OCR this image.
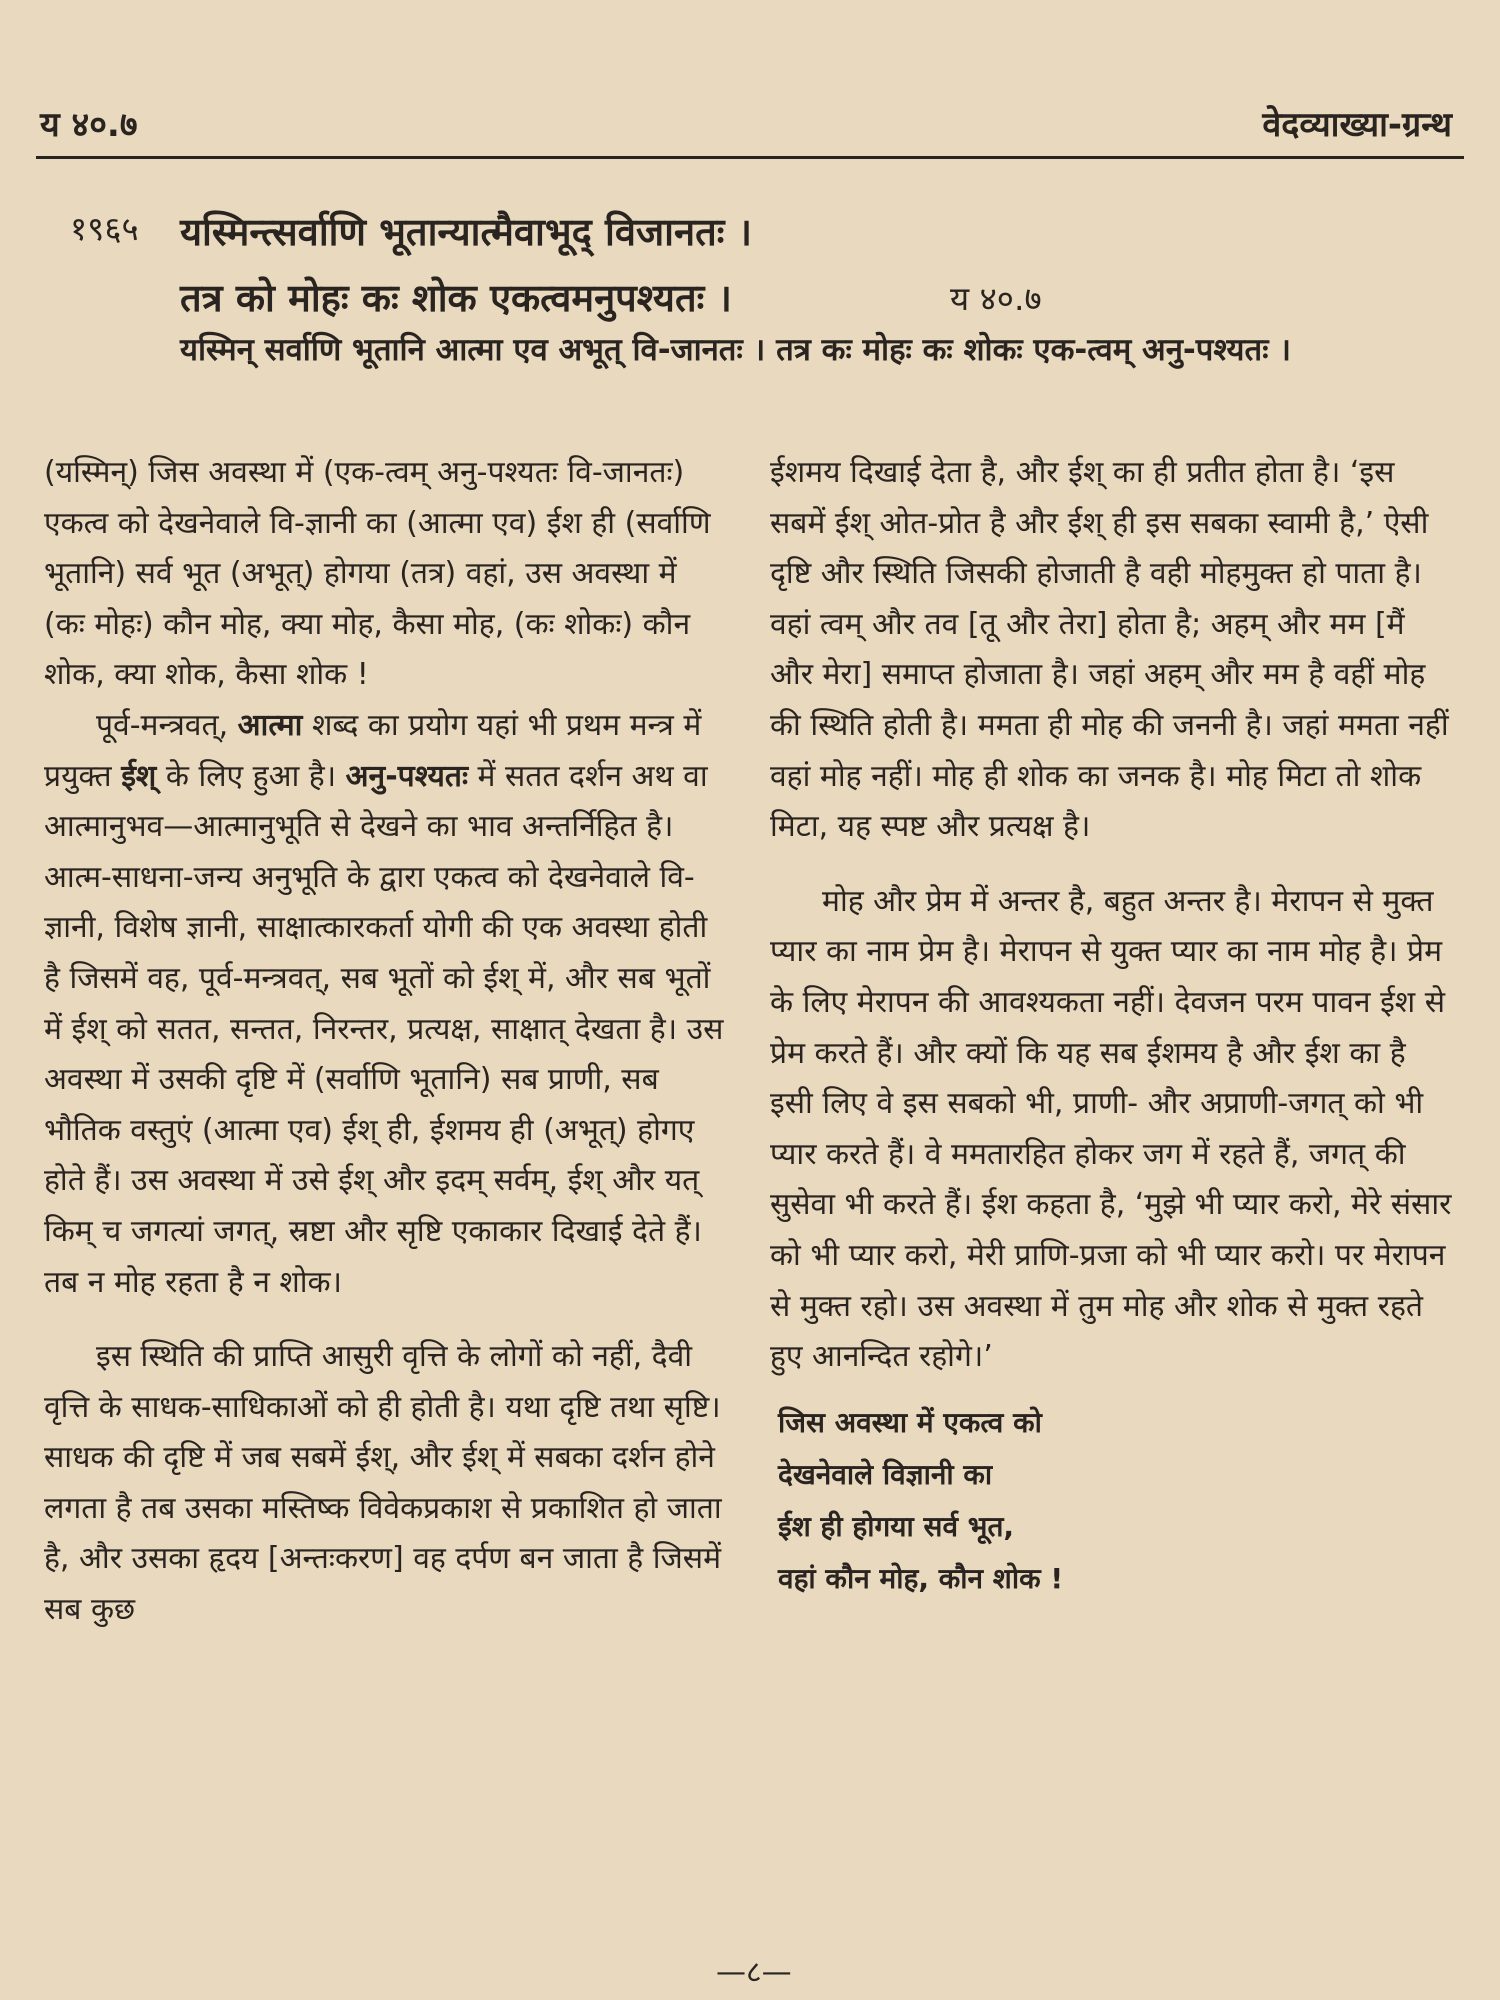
य ४०.७	वेदव्याख्या-ग्रन्थ
१९६५ यस्मिन्त्सर्वाणि भूतान्यात्मैवाभूद् विजानतः ।
तत्र को मोहः कः शोक एकत्वमनुपश्यतः ।	य ४०.७
यस्मिन् सर्वाणि भूतानि आत्मा एव अभूत् वि-जानतः । तत्र कः मोहः कः शोकः एक-त्वम् अनु-पश्यतः ।

(यस्मिन्) जिस अवस्था में (एक-त्वम् अनु-पश्यतः वि-जानतः) एकत्व को देखनेवाले वि-ज्ञानी का (आत्मा एव) ईश ही (सर्वाणि भूतानि) सर्व भूत (अभूत्) होगया (तत्र) वहां, उस अवस्था में (कः मोहः) कौन मोह, क्या मोह, कैसा मोह, (कः शोकः) कौन शोक, क्या शोक, कैसा शोक !

पूर्व-मन्त्रवत्, आत्मा शब्द का प्रयोग यहां भी प्रथम मन्त्र में प्रयुक्त ईश् के लिए हुआ है। अनु-पश्यतः में सतत दर्शन अथ वा आत्मानुभव—आत्मानुभूति से देखने का भाव अन्तर्निहित है। आत्म-साधना-जन्य अनुभूति के द्वारा एकत्व को देखनेवाले वि-ज्ञानी, विशेष ज्ञानी, साक्षात्कारकर्ता योगी की एक अवस्था होती है जिसमें वह, पूर्व-मन्त्रवत्, सब भूतों को ईश् में, और सब भूतों में ईश् को सतत, सन्तत, निरन्तर, प्रत्यक्ष, साक्षात् देखता है। उस अवस्था में उसकी दृष्टि में (सर्वाणि भूतानि) सब प्राणी, सब भौतिक वस्तुएं (आत्मा एव) ईश् ही, ईशमय ही (अभूत्) होगए होते हैं। उस अवस्था में उसे ईश् और इदम् सर्वम्, ईश् और यत् किम् च जगत्यां जगत्, स्रष्टा और सृष्टि एकाकार दिखाई देते हैं। तब न मोह रहता है न शोक।

इस स्थिति की प्राप्ति आसुरी वृत्ति के लोगों को नहीं, दैवी वृत्ति के साधक-साधिकाओं को ही होती है। यथा दृष्टि तथा सृष्टि। साधक की दृष्टि में जब सबमें ईश्, और ईश् में सबका दर्शन होने लगता है तब उसका मस्तिष्क विवेकप्रकाश से प्रकाशित हो जाता है, और उसका हृदय [अन्तःकरण] वह दर्पण बन जाता है जिसमें सब कुछ

ईशमय दिखाई देता है, और ईश् का ही प्रतीत होता है। ‘इस सबमें ईश् ओत-प्रोत है और ईश् ही इस सबका स्वामी है,’ ऐसी दृष्टि और स्थिति जिसकी होजाती है वही मोहमुक्त हो पाता है। वहां त्वम् और तव [तू और तेरा] होता है; अहम् और मम [मैं और मेरा] समाप्त होजाता है। जहां अहम् और मम है वहीं मोह की स्थिति होती है। ममता ही मोह की जननी है। जहां ममता नहीं वहां मोह नहीं। मोह ही शोक का जनक है। मोह मिटा तो शोक मिटा, यह स्पष्ट और प्रत्यक्ष है।

मोह और प्रेम में अन्तर है, बहुत अन्तर है। मेरापन से मुक्त प्यार का नाम प्रेम है। मेरापन से युक्त प्यार का नाम मोह है। प्रेम के लिए मेरापन की आवश्यकता नहीं। देवजन परम पावन ईश से प्रेम करते हैं। और क्यों कि यह सब ईशमय है और ईश का है इसी लिए वे इस सबको भी, प्राणी- और अप्राणी-जगत् को भी प्यार करते हैं। वे ममतारहित होकर जग में रहते हैं, जगत् की सुसेवा भी करते हैं। ईश कहता है, ‘मुझे भी प्यार करो, मेरे संसार को भी प्यार करो, मेरी प्राणि-प्रजा को भी प्यार करो। पर मेरापन से मुक्त रहो। उस अवस्था में तुम मोह और शोक से मुक्त रहते हुए आनन्दित रहोगे।’

जिस अवस्था में एकत्व को
देखनेवाले विज्ञानी का
ईश ही होगया सर्व भूत,
वहां कौन मोह, कौन शोक !
—८—
